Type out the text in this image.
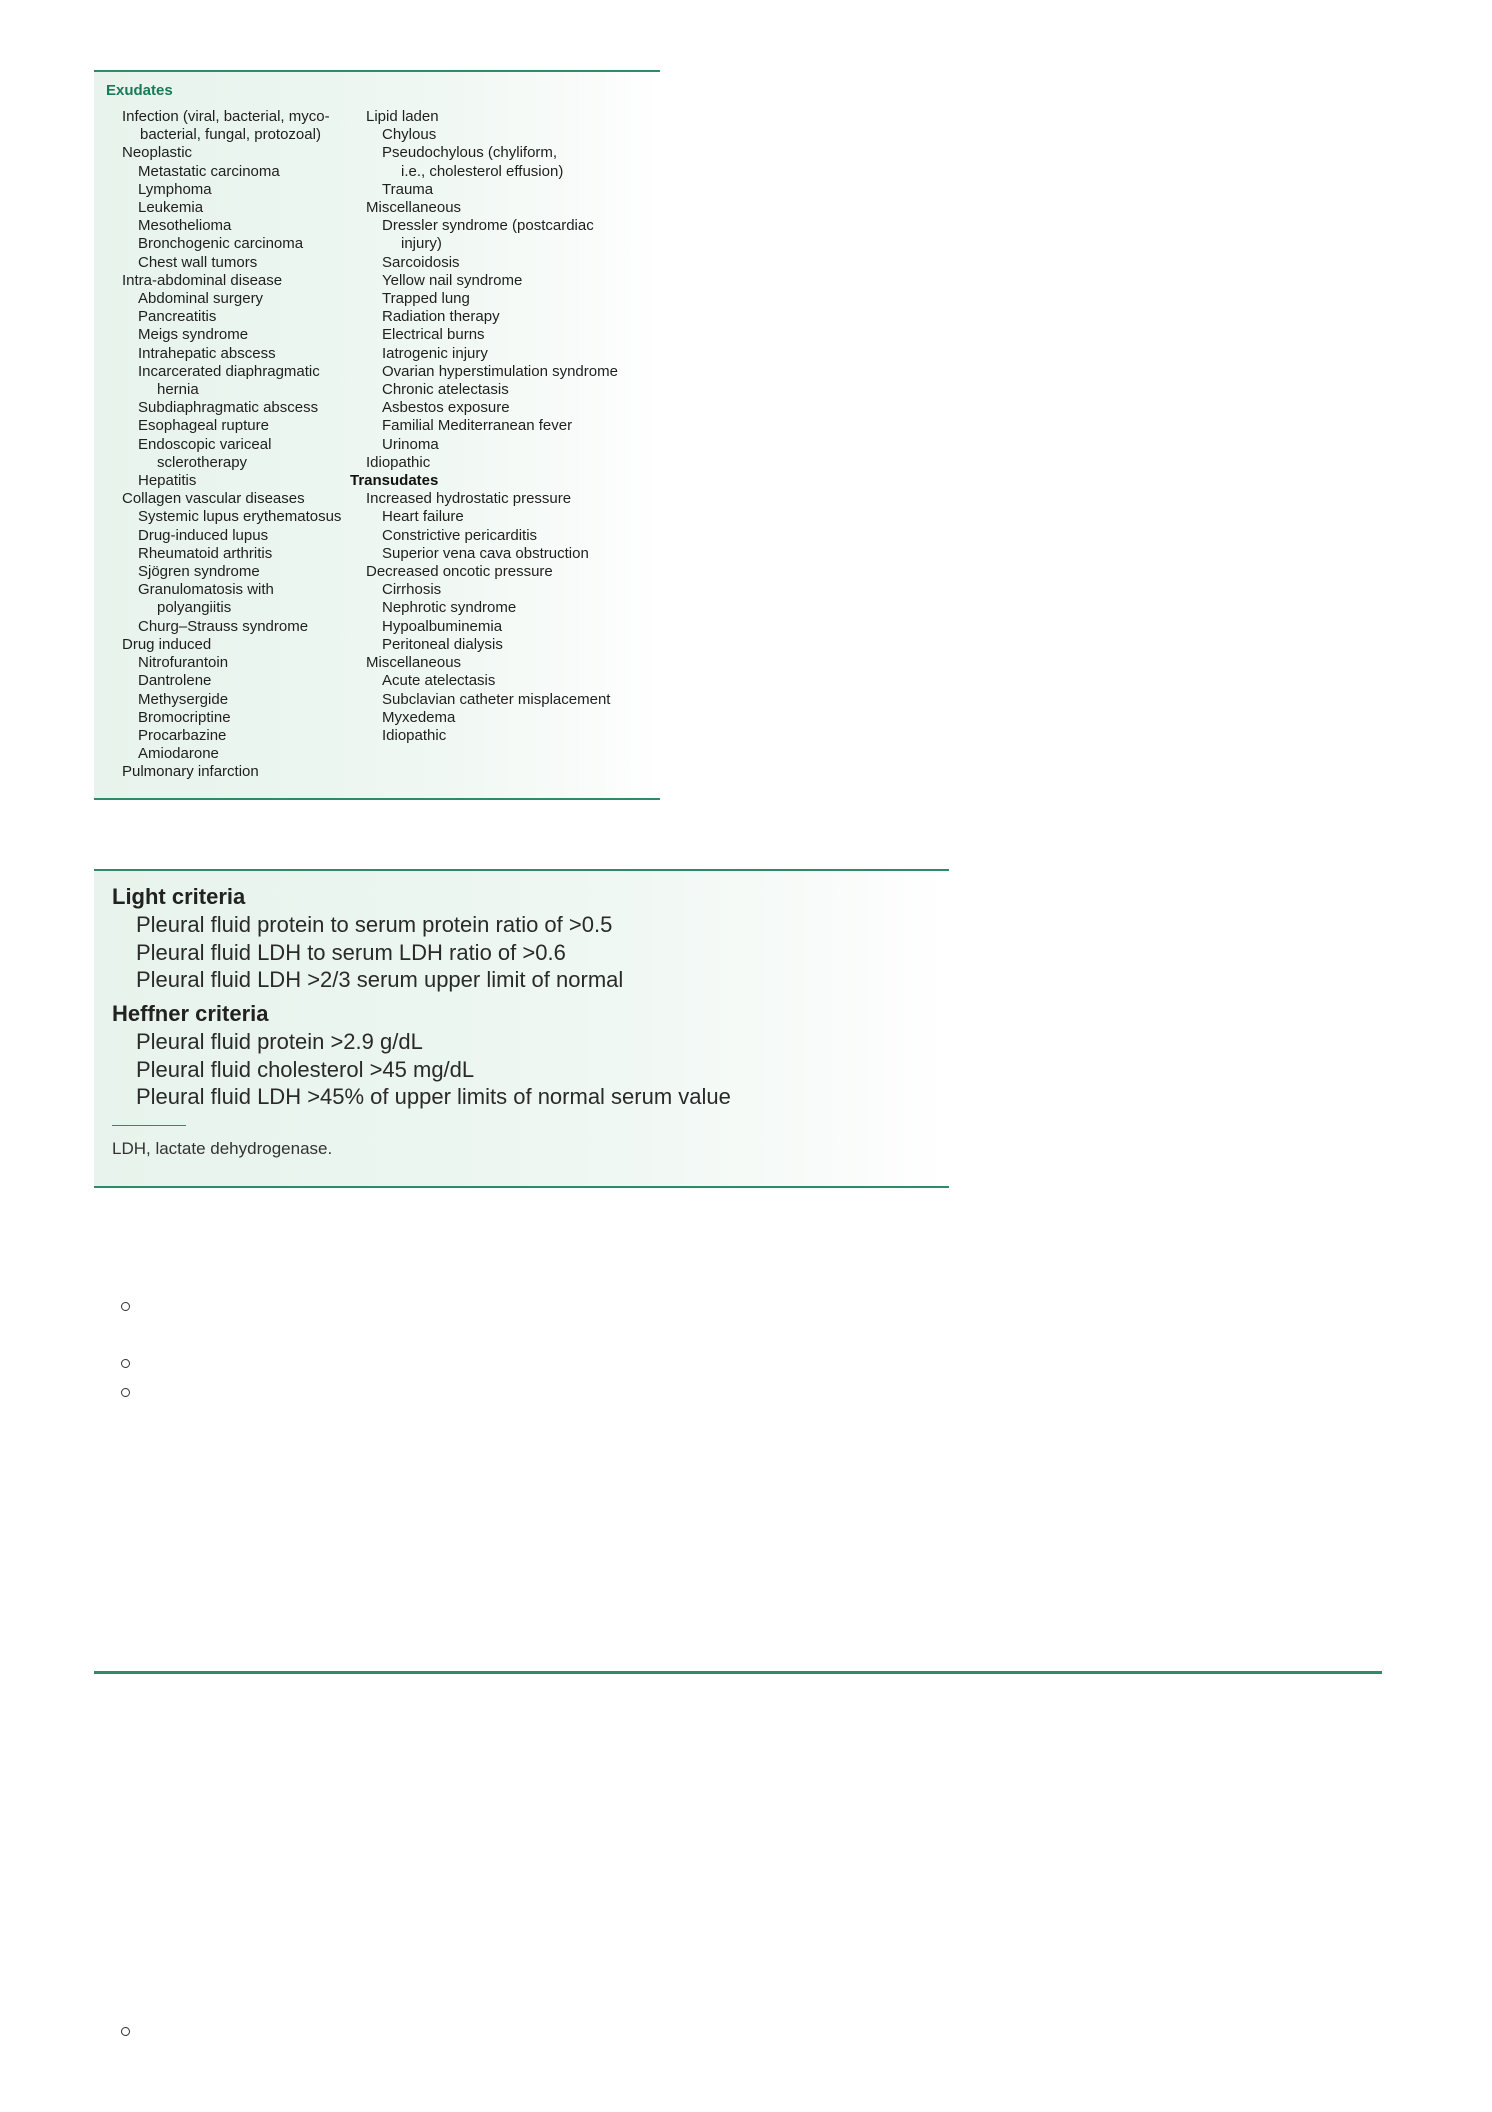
Exudates
Infection (viral, bacterial, myco-
bacterial, fungal, protozoal)
Neoplastic
Metastatic carcinoma
Lymphoma
Leukemia
Mesothelioma
Bronchogenic carcinoma
Chest wall tumors
Intra-abdominal disease
Abdominal surgery
Pancreatitis
Meigs syndrome
Intrahepatic abscess
Incarcerated diaphragmatic
hernia
Subdiaphragmatic abscess
Esophageal rupture
Endoscopic variceal
sclerotherapy
Hepatitis
Collagen vascular diseases
Systemic lupus erythematosus
Drug-induced lupus
Rheumatoid arthritis
Sjögren syndrome
Granulomatosis with
polyangiitis
Churg–Strauss syndrome
Drug induced
Nitrofurantoin
Dantrolene
Methysergide
Bromocriptine
Procarbazine
Amiodarone
Pulmonary infarction
Lipid laden
Chylous
Pseudochylous (chyliform,
i.e., cholesterol effusion)
Trauma
Miscellaneous
Dressler syndrome (postcardiac
injury)
Sarcoidosis
Yellow nail syndrome
Trapped lung
Radiation therapy
Electrical burns
Iatrogenic injury
Ovarian hyperstimulation syndrome
Chronic atelectasis
Asbestos exposure
Familial Mediterranean fever
Urinoma
Idiopathic
Transudates
Increased hydrostatic pressure
Heart failure
Constrictive pericarditis
Superior vena cava obstruction
Decreased oncotic pressure
Cirrhosis
Nephrotic syndrome
Hypoalbuminemia
Peritoneal dialysis
Miscellaneous
Acute atelectasis
Subclavian catheter misplacement
Myxedema
Idiopathic
Light criteria
Pleural fluid protein to serum protein ratio of >0.5
Pleural fluid LDH to serum LDH ratio of >0.6
Pleural fluid LDH >2/3 serum upper limit of normal
Heffner criteria
Pleural fluid protein >2.9 g/dL
Pleural fluid cholesterol >45 mg/dL
Pleural fluid LDH >45% of upper limits of normal serum value
LDH, lactate dehydrogenase.
